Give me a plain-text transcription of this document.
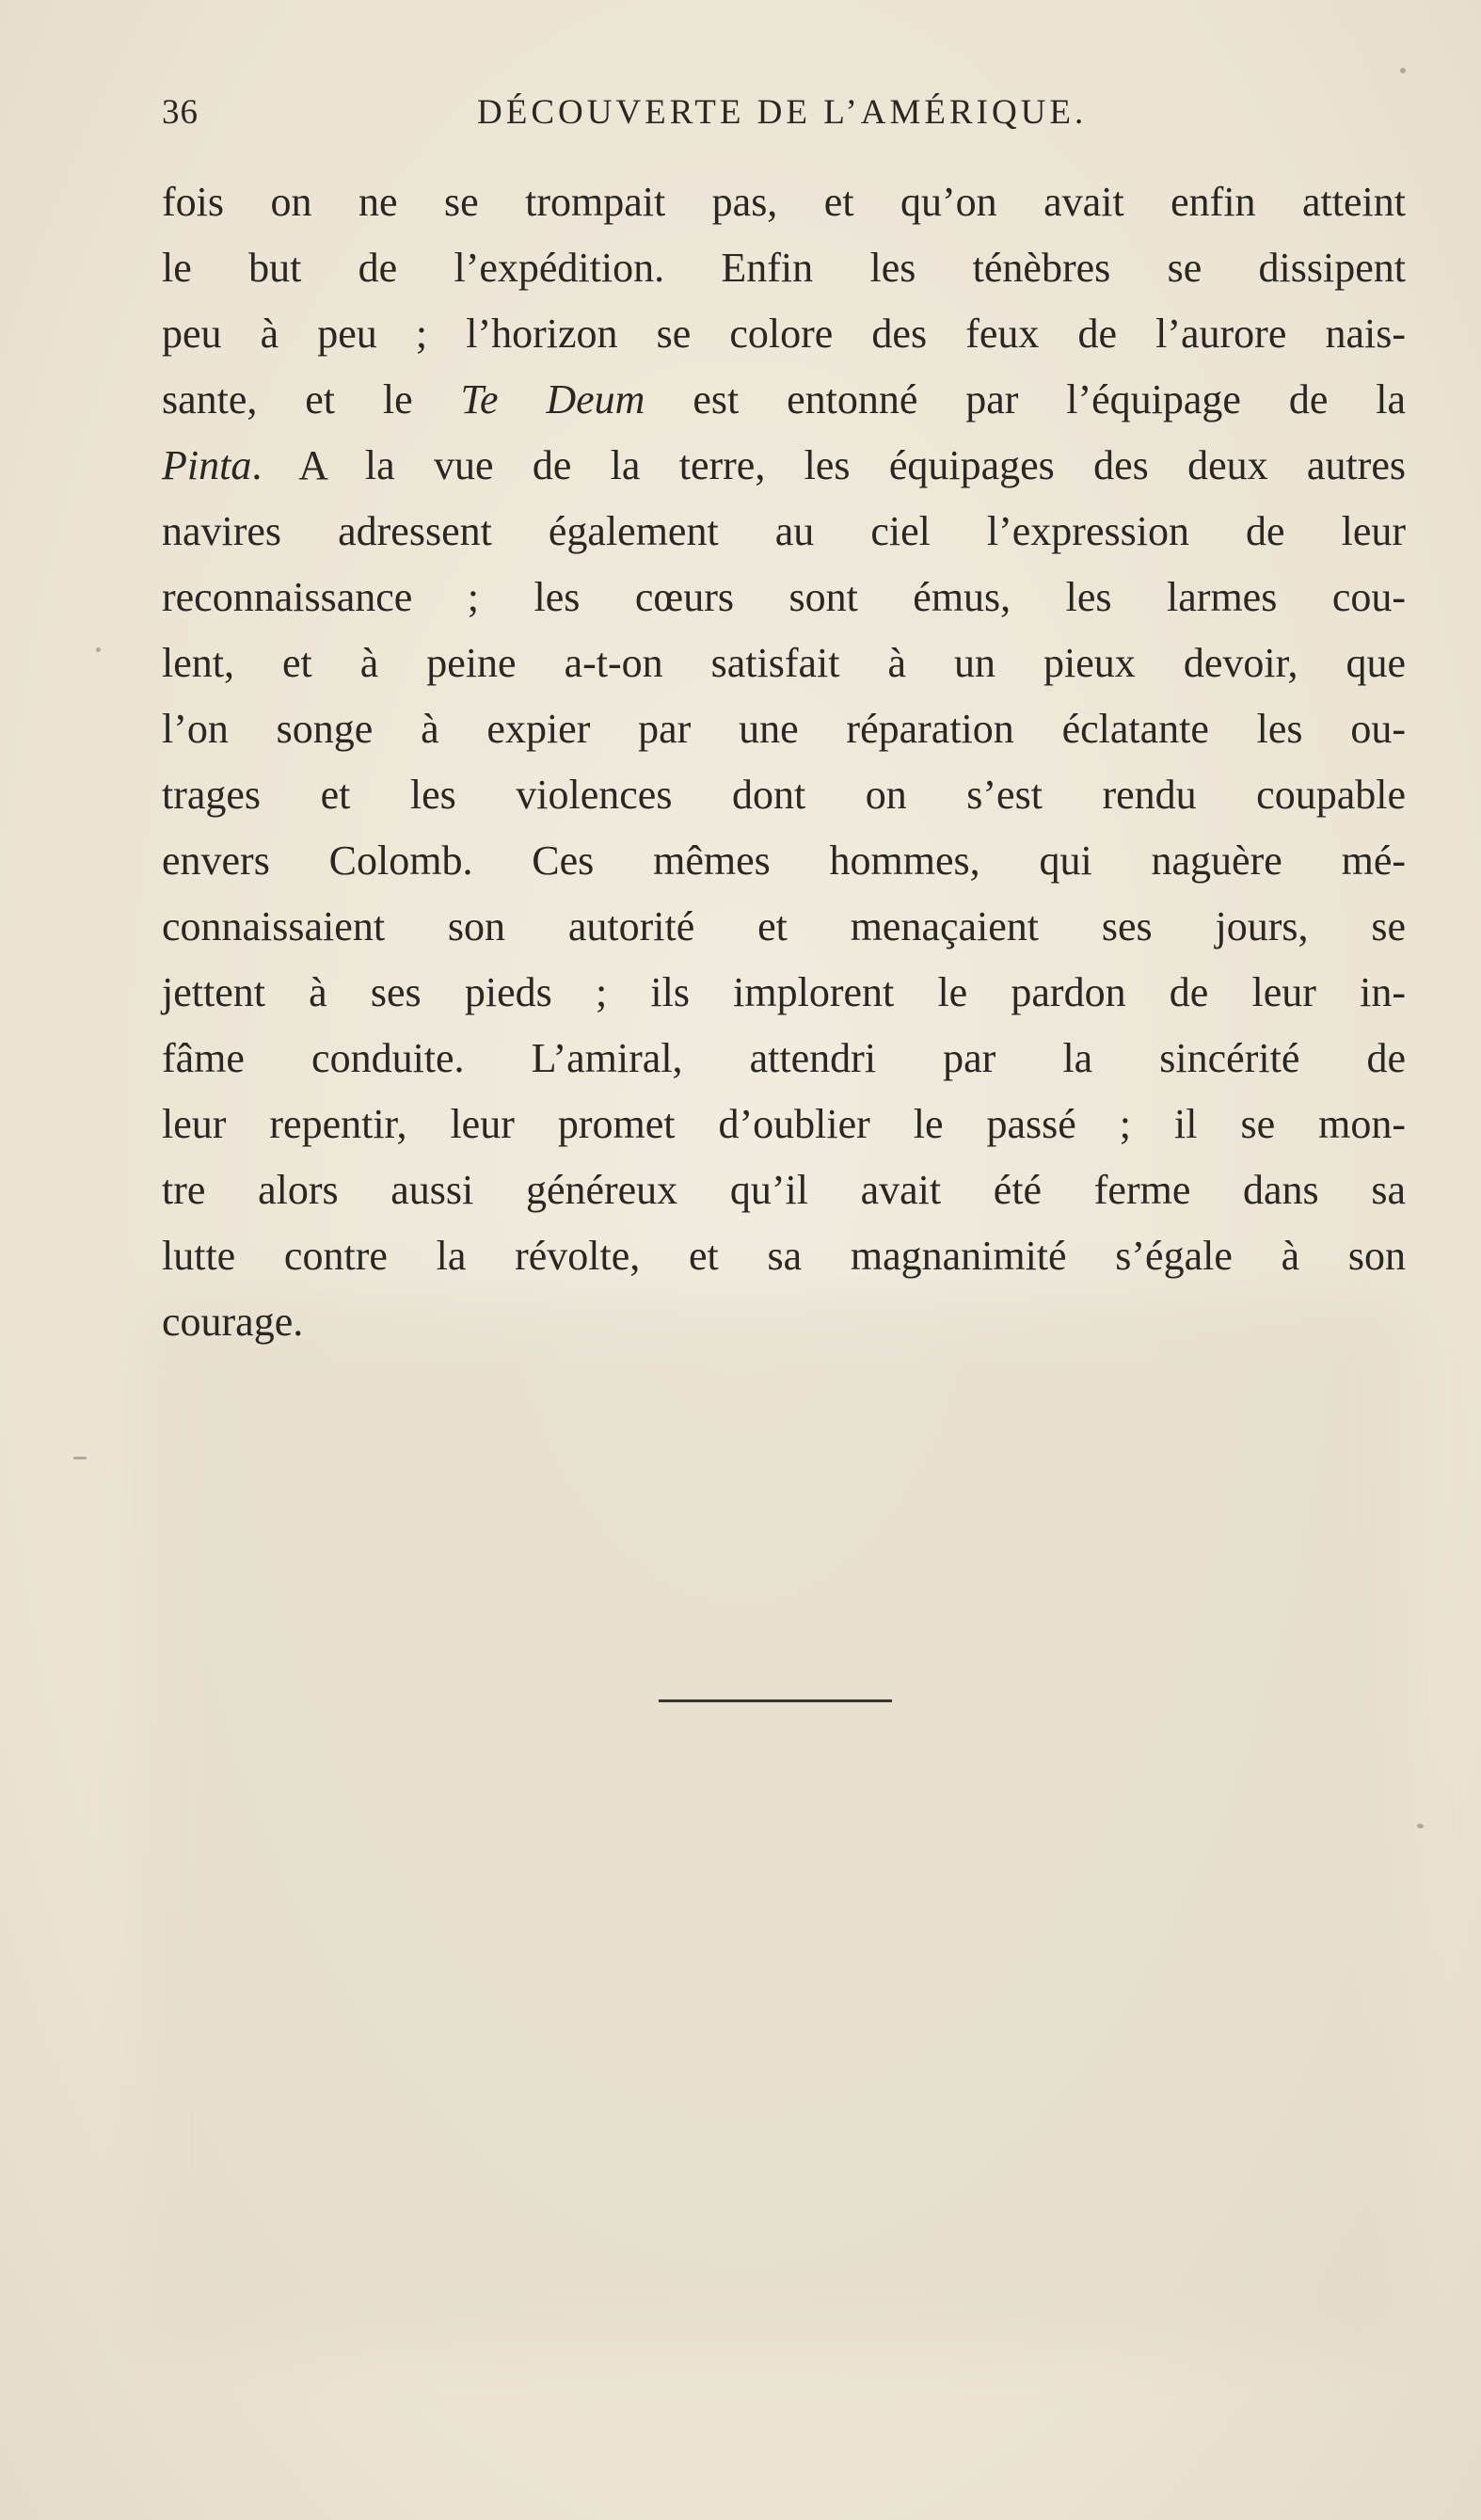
36	DÉCOUVERTE DE L’AMÉRIQUE.
fois on ne se trompait pas, et qu’on avait enfin atteint
le but de l’expédition. Enfin les ténèbres se dissipent
peu à peu ; l’horizon se colore des feux de l’aurore nais-
sante, et le Te Deum est entonné par l’équipage de la
Pinta. A la vue de la terre, les équipages des deux autres
navires adressent également au ciel l’expression de leur
reconnaissance ; les cœurs sont émus, les larmes cou-
lent, et à peine a-t-on satisfait à un pieux devoir, que
l’on songe à expier par une réparation éclatante les ou-
trages et les violences dont on s’est rendu coupable
envers Colomb. Ces mêmes hommes, qui naguère mé-
connaissaient son autorité et menaçaient ses jours, se
jettent à ses pieds ; ils implorent le pardon de leur in-
fâme conduite. L’amiral, attendri par la sincérité de
leur repentir, leur promet d’oublier le passé ; il se mon-
tre alors aussi généreux qu’il avait été ferme dans sa
lutte contre la révolte, et sa magnanimité s’égale à son
courage.
